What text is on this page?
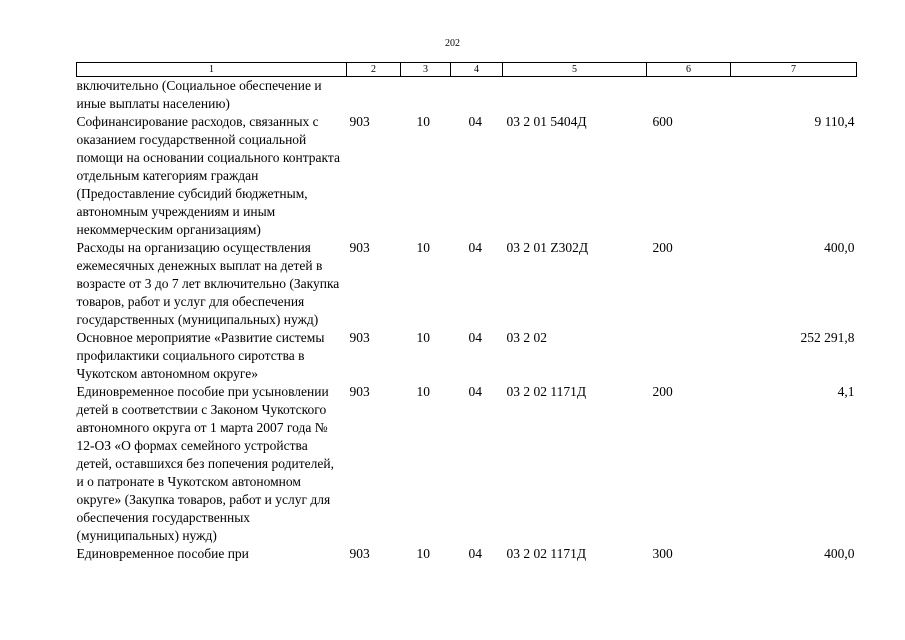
202
1	2	3	4	5	6	7
включительно (Социальное обеспечение и иные выплаты населению)						
Софинансирование расходов, связанных с оказанием государственной социальной помощи на основании социального контракта отдельным категориям граждан (Предоставление субсидий бюджетным, автономным учреждениям и иным некоммерческим организациям)	903	10	04	03 2 01 5404Д	600	9 110,4
Расходы на организацию осуществления ежемесячных денежных выплат на детей в возрасте от 3 до 7 лет включительно (Закупка товаров, работ и услуг для обеспечения государственных (муниципальных) нужд)	903	10	04	03 2 01 Z302Д	200	400,0
Основное мероприятие «Развитие системы профилактики социального сиротства в Чукотском автономном округе»	903	10	04	03 2 02		252 291,8
Единовременное пособие при усыновлении детей в соответствии с Законом Чукотского автономного округа от 1 марта 2007 года № 12-ОЗ «О формах семейного устройства детей, оставшихся без попечения родителей, и о патронате в Чукотском автономном округе» (Закупка товаров, работ и услуг для обеспечения государственных (муниципальных) нужд)	903	10	04	03 2 02 1171Д	200	4,1
Единовременное пособие при	903	10	04	03 2 02 1171Д	300	400,0
